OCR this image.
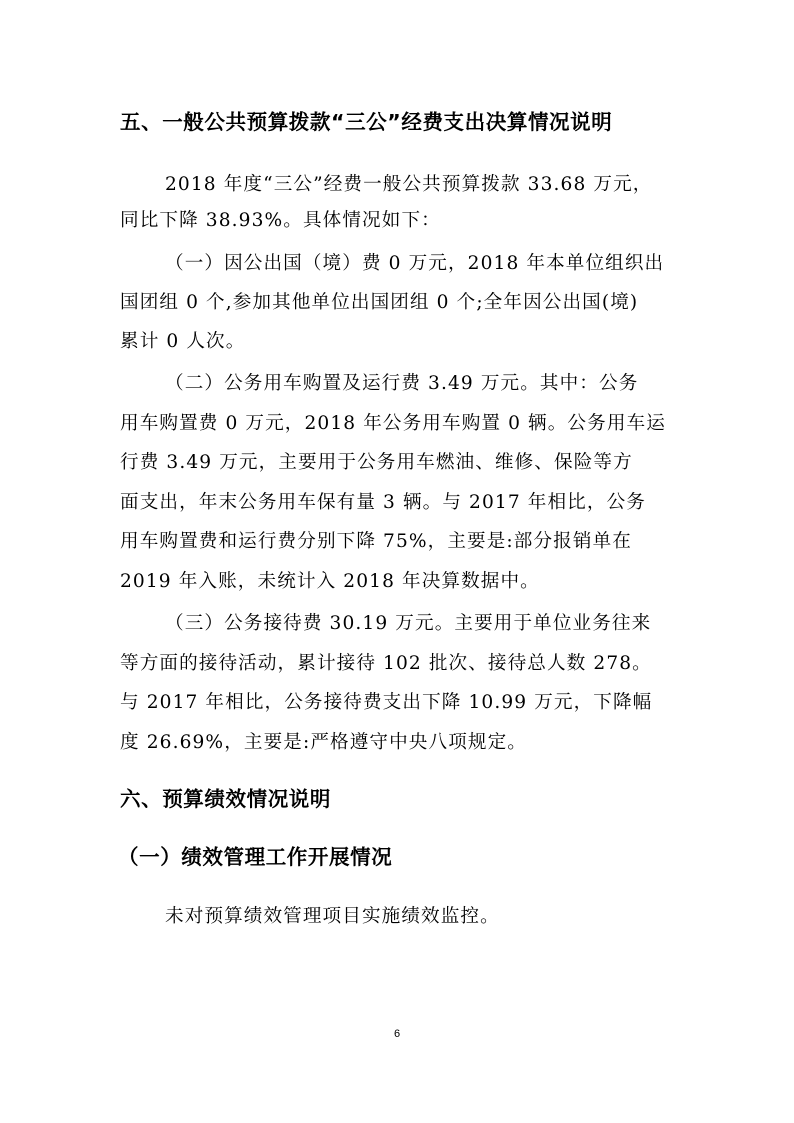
五、一般公共预算拨款“三公”经费支出决算情况说明
2018 年度“三公”经费一般公共预算拨款 33.68 万元，
同比下降 38.93%。具体情况如下：
（一）因公出国（境）费 0 万元，2018 年本单位组织出
国团组 0 个,参加其他单位出国团组 0 个;全年因公出国(境)
累计 0 人次。
（二）公务用车购置及运行费 3.49 万元。其中：公务
用车购置费 0 万元，2018 年公务用车购置 0 辆。公务用车运
行费 3.49 万元，主要用于公务用车燃油、维修、保险等方
面支出，年末公务用车保有量 3 辆。与 2017 年相比，公务
用车购置费和运行费分别下降 75%，主要是:部分报销单在
2019 年入账，未统计入 2018 年决算数据中。
（三）公务接待费 30.19 万元。主要用于单位业务往来
等方面的接待活动，累计接待 102 批次、接待总人数 278。
与 2017 年相比，公务接待费支出下降 10.99 万元，下降幅
度 26.69%，主要是:严格遵守中央八项规定。
六、预算绩效情况说明
（一）绩效管理工作开展情况
未对预算绩效管理项目实施绩效监控。
6
